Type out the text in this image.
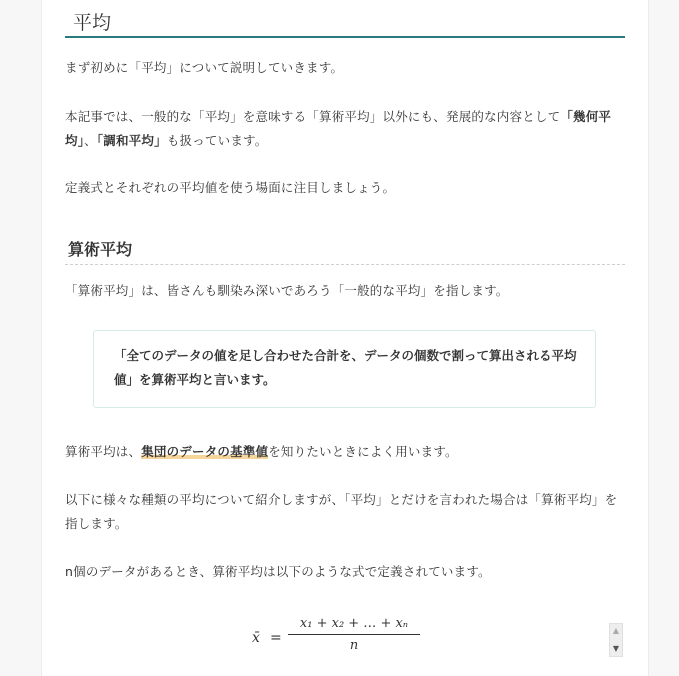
平均
まず初めに「平均」について説明していきます。
本記事では、一般的な「平均」を意味する「算術平均」以外にも、発展的な内容として「幾何平均」、「調和平均」も扱っています。
定義式とそれぞれの平均値を使う場面に注目しましょう。
算術平均
「算術平均」は、皆さんも馴染み深いであろう「一般的な平均」を指します。
「全てのデータの値を足し合わせた合計を、データの個数で割って算出される平均値」を算術平均と言います。
算術平均は、集団のデータの基準値を知りたいときによく用います。
以下に様々な種類の平均について紹介しますが、「平均」とだけを言われた場合は「算術平均」を指します。
n個のデータがあるとき、算術平均は以下のような式で定義されています。
x̄ =
x₁ + x₂ + … + xₙ
n
▲
▼
